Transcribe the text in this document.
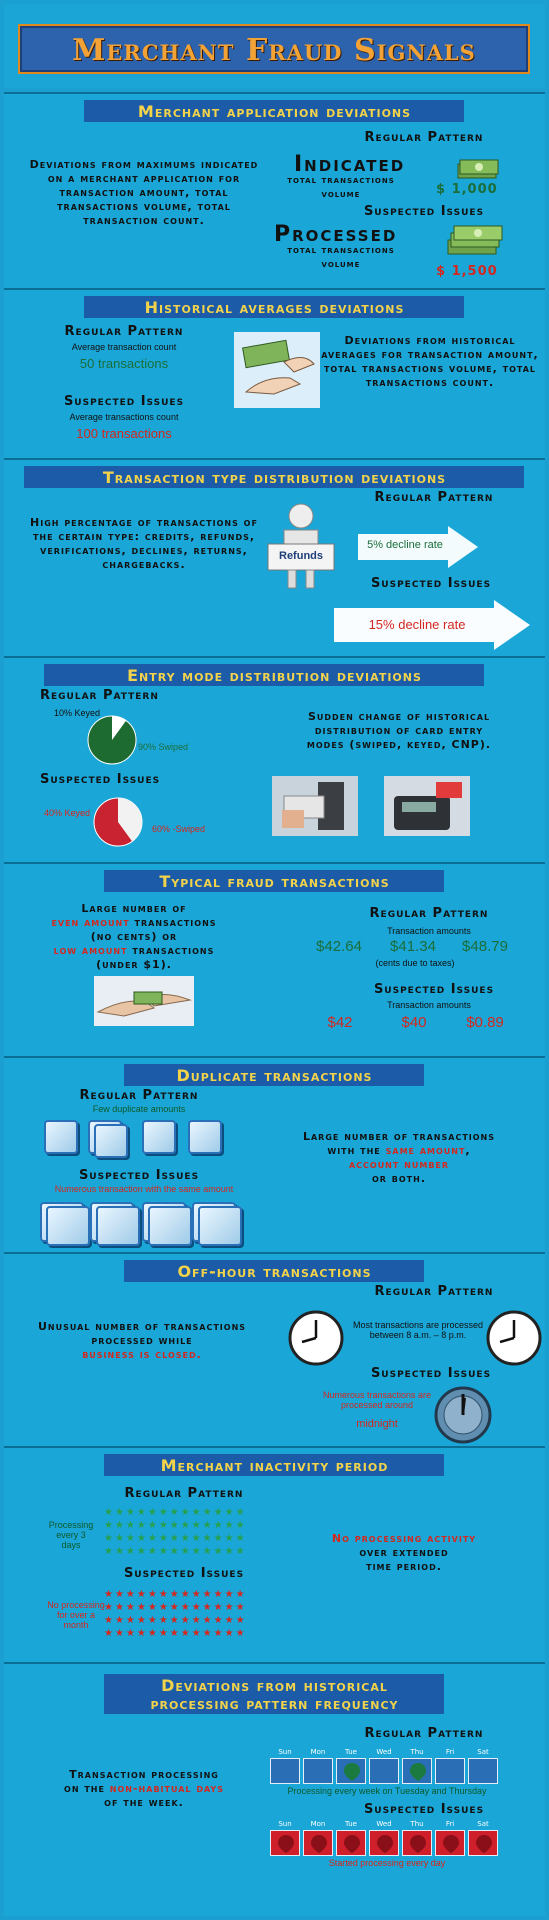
Merchant Fraud Signals
Merchant application deviations
Deviations from maximums indicated on a merchant application for transaction amount, total transactions volume, total transaction count.
Regular Pattern
Indicated
total transactions volume	$ 1,000
Suspected Issues
Processed
total transactions volume	$ 1,500
Historical averages deviations
Regular Pattern
Average transaction count
50 transactions
Suspected Issues
Average transactions count
100 transactions
Deviations from historical averages for transaction amount, total transactions volume, total transactions count.
Transaction type distribution deviations
High percentage of transactions of the certain type: credits, refunds, verifications, declines, returns, chargebacks.
Refunds
Regular Pattern
5% decline rate
Suspected Issues
15% decline rate
Entry mode distribution deviations
Regular Pattern
10% Keyed
90% Swiped
Sudden change of historical distribution of card entry modes (swiped, keyed, CNP).
Suspected Issues
40% Keyed
60% -Swiped
Typical fraud transactions
Large number of
even amount transactions
(no cents) or
low amount transactions
(under $1).
Regular Pattern
Transaction amounts
$42.64	$41.34	$48.79
(cents due to taxes)
Suspected Issues
Transaction amounts
$42	$40	$0.89
Duplicate transactions
Regular Pattern
Few duplicate amounts
Suspected Issues
Numerous transaction with the same amount
Large number of transactions
with the same amount,
account number
or both.
Off-hour transactions
Unusual number of transactions
processed while
business is closed.
Regular Pattern
Most transactions are processed between 8 a.m. – 8 p.m.
Suspected Issues
Numerous transactions are processed around
midnight
Merchant inactivity period
Regular Pattern
Processing every 3 days
★★★★★★★★★★★★★
★★★★★★★★★★★★★
★★★★★★★★★★★★★
★★★★★★★★★★★★★
Suspected Issues
No processing for over a month
★★★★★★★★★★★★★
★★★★★★★★★★★★★
★★★★★★★★★★★★★
★★★★★★★★★★★★★
No processing activity
over extended
time period.
Deviations from historical
processing pattern frequency
Transaction processing
on the non-habitual days
of the week.
Regular Pattern
Sun	Mon	Tue	Wed	Thu	Fri	Sat
Processing every week on Tuesday and Thursday
Suspected Issues
Sun	Mon	Tue	Wed	Thu	Fri	Sat
Started processing every day
